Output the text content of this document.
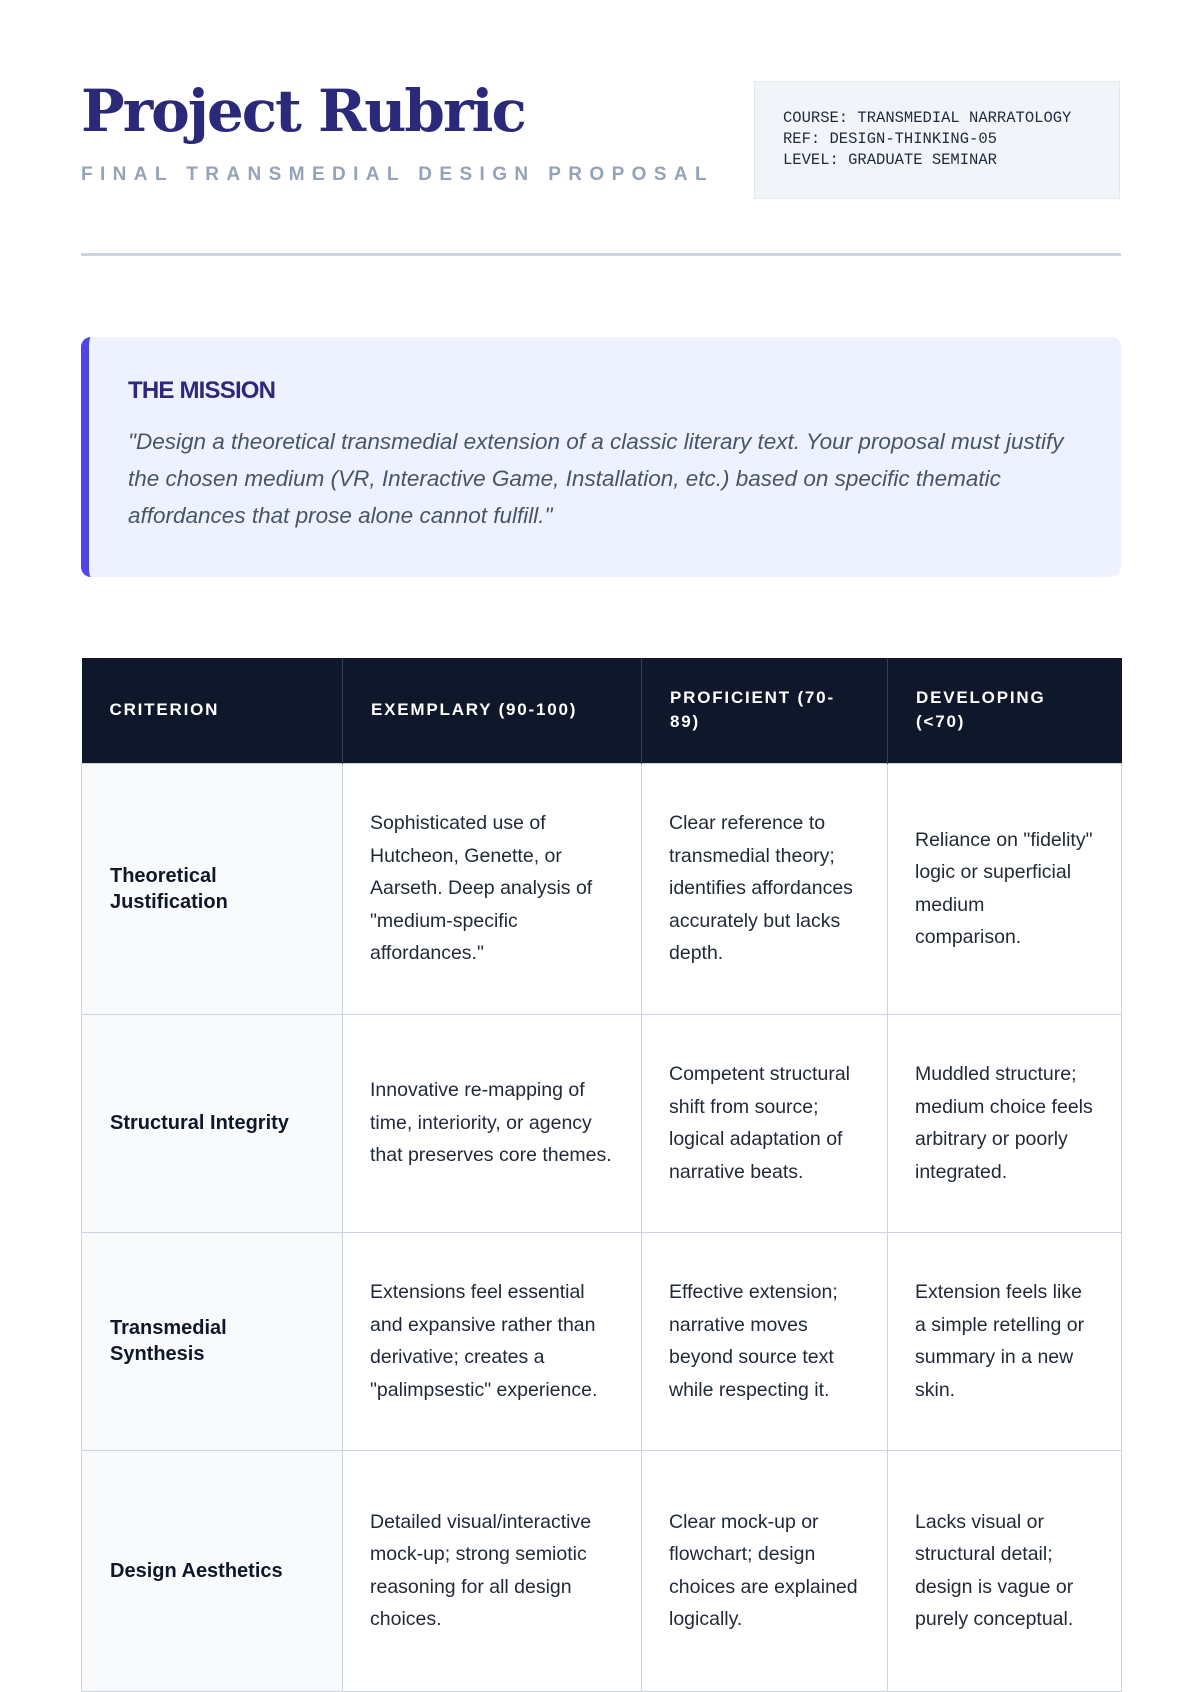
Project Rubric
FINAL TRANSMEDIAL DESIGN PROPOSAL
COURSE: TRANSMEDIAL NARRATOLOGY
REF: DESIGN-THINKING-05
LEVEL: GRADUATE SEMINAR
THE MISSION

"Design a theoretical transmedial extension of a classic literary text. Your proposal must justify the chosen medium (VR, Interactive Game, Installation, etc.) based on specific thematic affordances that prose alone cannot fulfill."

CRITERION	EXEMPLARY (90-100)	PROFICIENT (70-89)	DEVELOPING (<70)
Theoretical Justification	Sophisticated use of Hutcheon, Genette, or Aarseth. Deep analysis of "medium-specific affordances."	Clear reference to transmedial theory; identifies affordances accurately but lacks depth.	Reliance on "fidelity" logic or superficial medium comparison.
Structural Integrity	Innovative re-mapping of time, interiority, or agency that preserves core themes.	Competent structural shift from source; logical adaptation of narrative beats.	Muddled structure; medium choice feels arbitrary or poorly integrated.
Transmedial Synthesis	Extensions feel essential and expansive rather than derivative; creates a "palimpsestic" experience.	Effective extension; narrative moves beyond source text while respecting it.	Extension feels like a simple retelling or summary in a new skin.
Design Aesthetics	Detailed visual/interactive mock-up; strong semiotic reasoning for all design choices.	Clear mock-up or flowchart; design choices are explained logically.	Lacks visual or structural detail; design is vague or purely conceptual.
